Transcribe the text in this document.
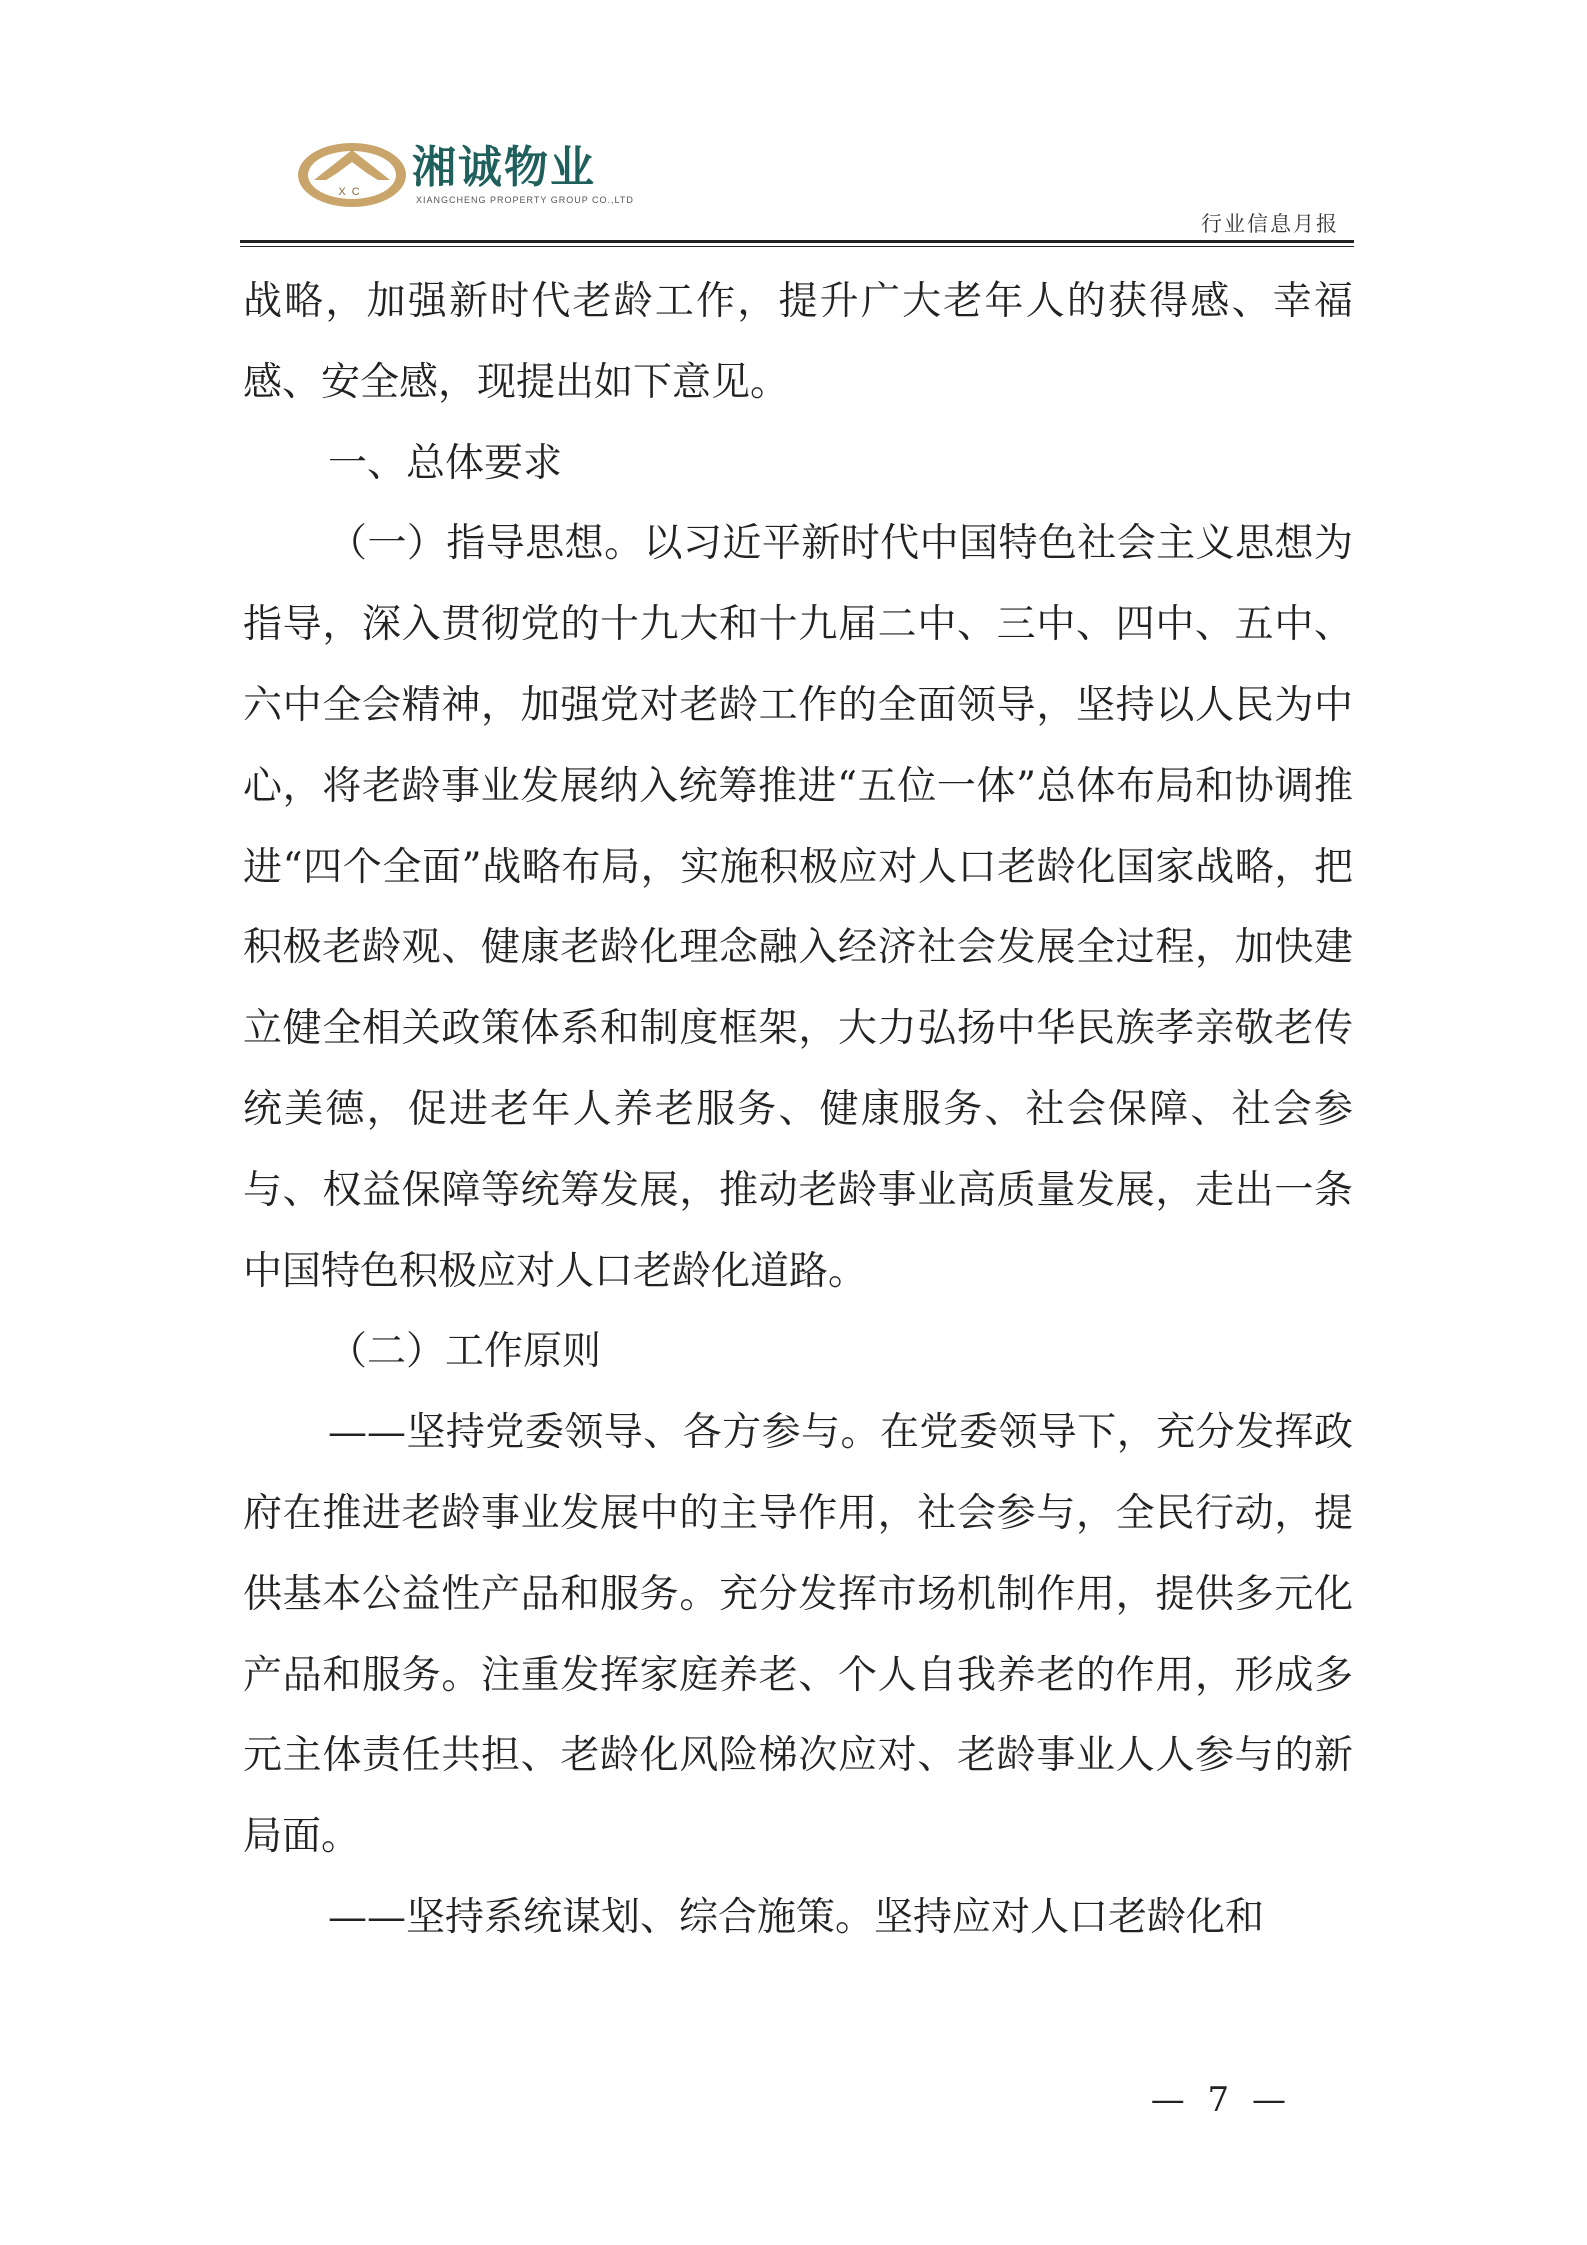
XC 湘诚物业
XIANGCHENG PROPERTY GROUP CO.,LTD
行业信息月报

战略，加强新时代老龄工作，提升广大老年人的获得感、幸福感、安全感，现提出如下意见。

一、总体要求

（一）指导思想。以习近平新时代中国特色社会主义思想为指导，深入贯彻党的十九大和十九届二中、三中、四中、五中、六中全会精神，加强党对老龄工作的全面领导，坚持以人民为中心，将老龄事业发展纳入统筹推进“五位一体”总体布局和协调推进“四个全面”战略布局，实施积极应对人口老龄化国家战略，把积极老龄观、健康老龄化理念融入经济社会发展全过程，加快建立健全相关政策体系和制度框架，大力弘扬中华民族孝亲敬老传统美德，促进老年人养老服务、健康服务、社会保障、社会参与、权益保障等统筹发展，推动老龄事业高质量发展，走出一条中国特色积极应对人口老龄化道路。

（二）工作原则

——坚持党委领导、各方参与。在党委领导下，充分发挥政府在推进老龄事业发展中的主导作用，社会参与，全民行动，提供基本公益性产品和服务。充分发挥市场机制作用，提供多元化产品和服务。注重发挥家庭养老、个人自我养老的作用，形成多元主体责任共担、老龄化风险梯次应对、老龄事业人人参与的新局面。

——坚持系统谋划、综合施策。坚持应对人口老龄化和

— 7 —
